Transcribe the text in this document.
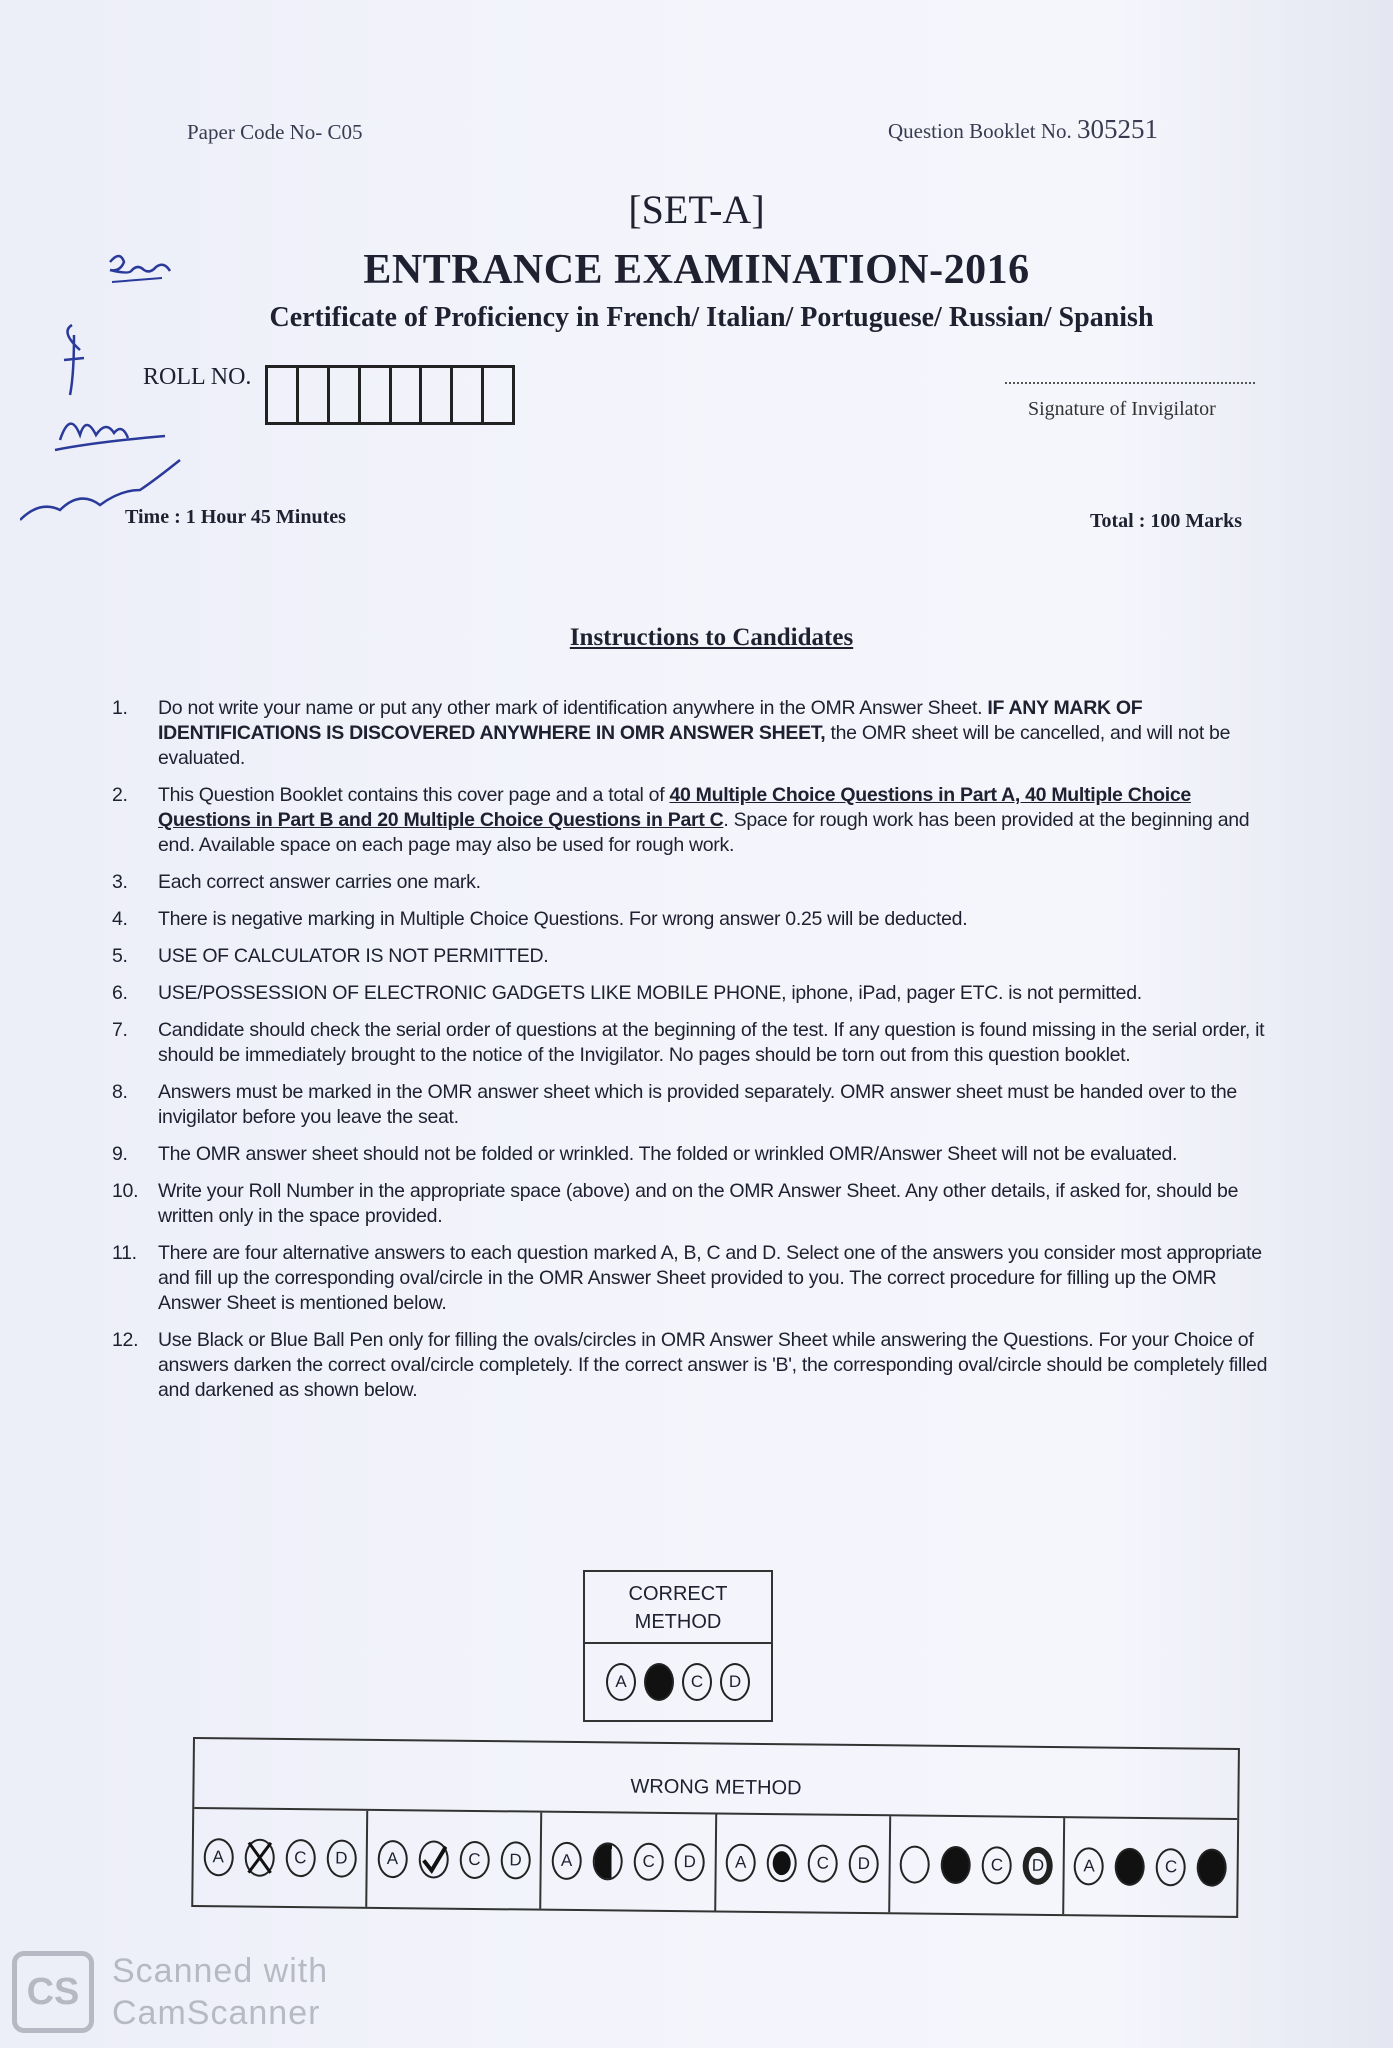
Paper Code No- C05	Question Booklet No. 305251
[SET-A]
ENTRANCE EXAMINATION-2016
Certificate of Proficiency in French/ Italian/ Portuguese/ Russian/ Spanish
ROLL NO.
Signature of Invigilator
Time : 1 Hour 45 Minutes	Total : 100 Marks
Instructions to Candidates
1.	Do not write your name or put any other mark of identification anywhere in the OMR Answer Sheet. IF ANY MARK OF IDENTIFICATIONS IS DISCOVERED ANYWHERE IN OMR ANSWER SHEET, the OMR sheet will be cancelled, and will not be evaluated.
2.	This Question Booklet contains this cover page and a total of 40 Multiple Choice Questions in Part A, 40 Multiple Choice Questions in Part B and 20 Multiple Choice Questions in Part C. Space for rough work has been provided at the beginning and end. Available space on each page may also be used for rough work.
3.	Each correct answer carries one mark.
4.	There is negative marking in Multiple Choice Questions. For wrong answer 0.25 will be deducted.
5.	USE OF CALCULATOR IS NOT PERMITTED.
6.	USE/POSSESSION OF ELECTRONIC GADGETS LIKE MOBILE PHONE, iphone, iPad, pager ETC. is not permitted.
7.	Candidate should check the serial order of questions at the beginning of the test. If any question is found missing in the serial order, it should be immediately brought to the notice of the Invigilator. No pages should be torn out from this question booklet.
8.	Answers must be marked in the OMR answer sheet which is provided separately. OMR answer sheet must be handed over to the invigilator before you leave the seat.
9.	The OMR answer sheet should not be folded or wrinkled. The folded or wrinkled OMR/Answer Sheet will not be evaluated.
10.	Write your Roll Number in the appropriate space (above) and on the OMR Answer Sheet. Any other details, if asked for, should be written only in the space provided.
11.	There are four alternative answers to each question marked A, B, C and D. Select one of the answers you consider most appropriate and fill up the corresponding oval/circle in the OMR Answer Sheet provided to you. The correct procedure for filling up the OMR Answer Sheet is mentioned below.
12.	Use Black or Blue Ball Pen only for filling the ovals/circles in OMR Answer Sheet while answering the Questions. For your Choice of answers darken the correct oval/circle completely. If the correct answer is 'B', the corresponding oval/circle should be completely filled and darkened as shown below.
CORRECT
METHOD
A	C	D
WRONG METHOD
A	C	D	A	C	D	A	C	D	A	C	D	C	D	A	C
CS Scanned with
CamScanner
